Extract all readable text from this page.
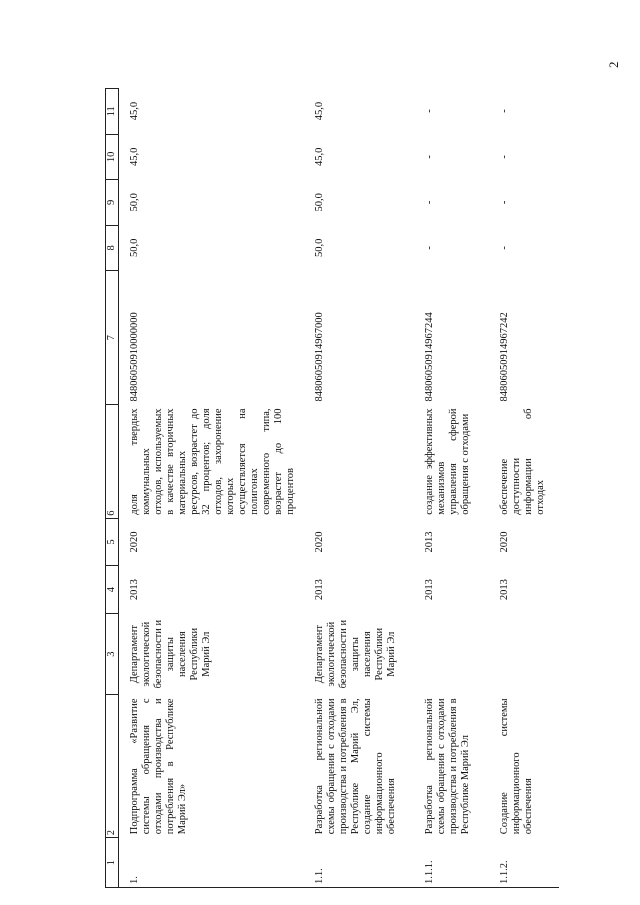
2
1	2	3	4	5	6	7	8	9	10	11
1.	Подпрограмма «Развитие системы обращения с отходами производства и потребления в Республике Марий Эл»	Департамент экологической безопасности и защиты населения Республики Марий Эл	2013	2020	доля твердых коммунальных отходов, используемых в качестве вторичных материальных ресурсов, возрастет до 32 процентов; доля отходов, захоронение которых осуществляется на полигонах современного типа, возрастет до 100 процентов	84806050910000000	50,0	50,0	45,0	45,0
1.1.	Разработка региональной схемы обращения с отходами производства и потребления в Республике Марий Эл, создание системы информационного обеспечения	Департамент экологической безопасности и защиты населения Республики Марий Эл	2013	2020		84806050914967000	50,0	50,0	45,0	45,0
1.1.1.	Разработка региональной схемы обращения с отходами производства и потребления в Республике Марий Эл		2013	2013	создание эффективных механизмов управления сферой обращения с отходами	84806050914967244	-	-	-	-
1.1.2.	Создание системы информационного обеспечения		2013	2020	обеспечение доступности информации об отходах	84806050914967242	-	-	-	-
